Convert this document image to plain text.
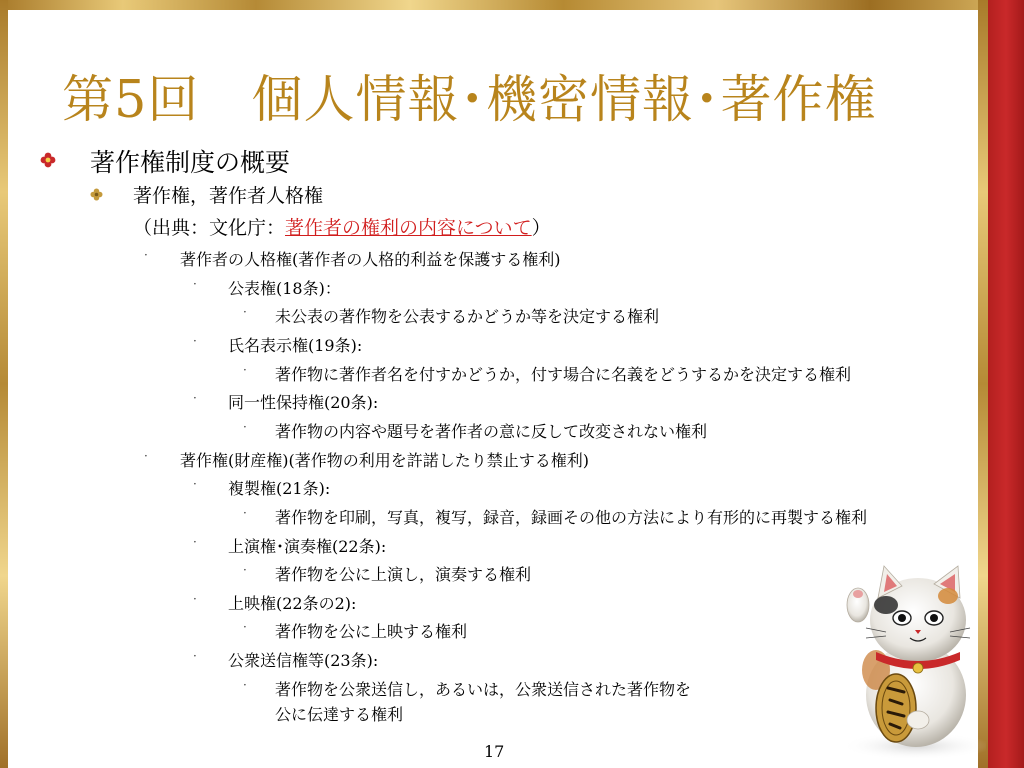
第5回　個人情報･機密情報･著作権
著作権制度の概要
著作権，著作者人格権
（出典：文化庁：著作者の権利の内容について）
· 著作者の人格権(著作者の人格的利益を保護する権利)
· 公表権(18条)：
· 未公表の著作物を公表するかどうか等を決定する権利
· 氏名表示権(19条):
· 著作物に著作者名を付すかどうか，付す場合に名義をどうするかを決定する権利
· 同一性保持権(20条):
· 著作物の内容や題号を著作者の意に反して改変されない権利
· 著作権(財産権)(著作物の利用を許諾したり禁止する権利)
· 複製権(21条):
· 著作物を印刷，写真，複写，録音，録画その他の方法により有形的に再製する権利
· 上演権･演奏権(22条):
· 著作物を公に上演し，演奏する権利
· 上映権(22条の2):
· 著作物を公に上映する権利
· 公衆送信権等(23条):
· 著作物を公衆送信し，あるいは，公衆送信された著作物を
公に伝達する権利
17
